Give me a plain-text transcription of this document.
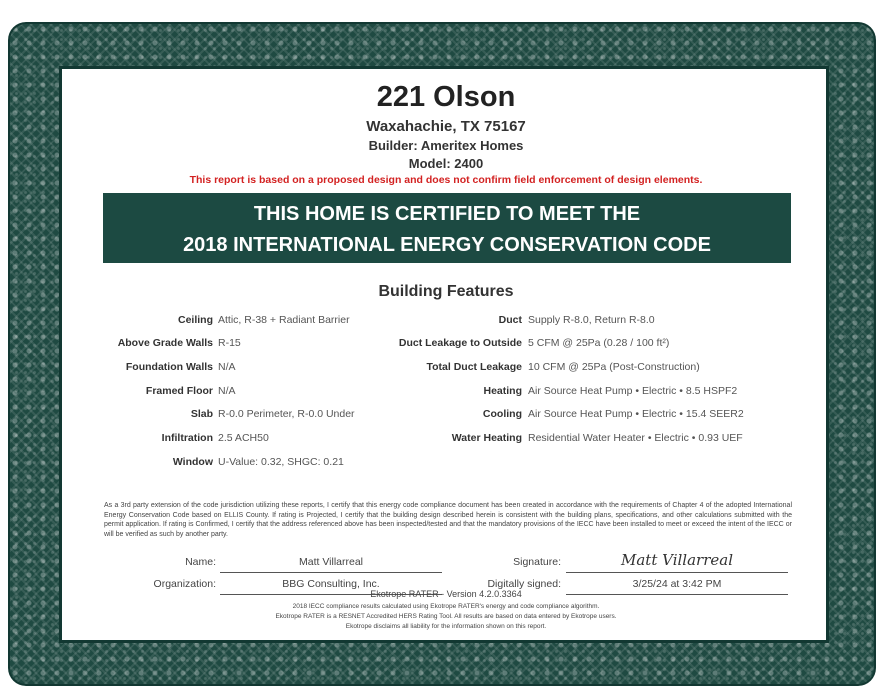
221 Olson
Waxahachie, TX 75167
Builder: Ameritex Homes
Model: 2400
This report is based on a proposed design and does not confirm field enforcement of design elements.
THIS HOME IS CERTIFIED TO MEET THE
2018 INTERNATIONAL ENERGY CONSERVATION CODE
Building Features
Ceiling Attic, R-38 + Radiant Barrier
Above Grade Walls R-15
Foundation Walls N/A
Framed Floor N/A
Slab R-0.0 Perimeter, R-0.0 Under
Infiltration 2.5 ACH50
Window U-Value: 0.32, SHGC: 0.21
Duct Supply R-8.0, Return R-8.0
Duct Leakage to Outside 5 CFM @ 25Pa (0.28 / 100 ft²)
Total Duct Leakage 10 CFM @ 25Pa (Post-Construction)
Heating Air Source Heat Pump • Electric • 8.5 HSPF2
Cooling Air Source Heat Pump • Electric • 15.4 SEER2
Water Heating Residential Water Heater • Electric • 0.93 UEF
As a 3rd party extension of the code jurisdiction utilizing these reports, I certify that this energy code compliance document has been created in accordance with the requirements of Chapter 4 of the adopted International Energy Conservation Code based on ELLIS County. If rating is Projected, I certify that the building design described herein is consistent with the building plans, specifications, and other calculations submitted with the permit application. If rating is Confirmed, I certify that the address referenced above has been inspected/tested and that the mandatory provisions of the IECC have been installed to meet or exceed the intent of the IECC or will be verified as such by another party.
Name:	Matt Villarreal
Organization:	BBG Consulting, Inc.
Signature:	Matt Villarreal
Digitally signed:	3/25/24 at 3:42 PM
Ekotrope RATER - Version 4.2.0.3364
2018 IECC compliance results calculated using Ekotrope RATER's energy and code compliance algorithm.
Ekotrope RATER is a RESNET Accredited HERS Rating Tool. All results are based on data entered by Ekotrope users.
Ekotrope disclaims all liability for the information shown on this report.
